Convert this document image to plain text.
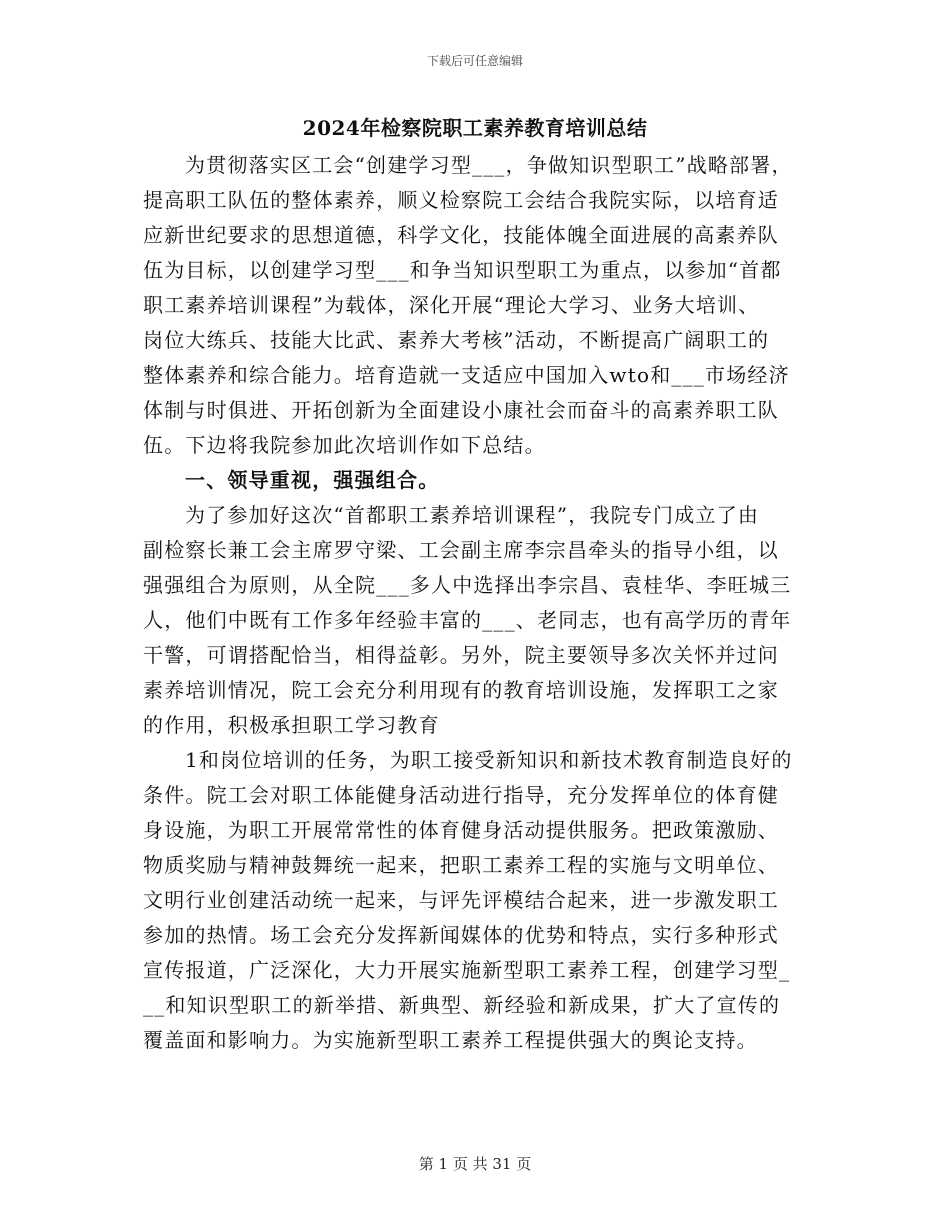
下载后可任意编辑
2024年检察院职工素养教育培训总结
为贯彻落实区工会“创建学习型___，争做知识型职工”战略部署，
提高职工队伍的整体素养，顺义检察院工会结合我院实际，以培育适
应新世纪要求的思想道德，科学文化，技能体魄全面进展的高素养队
伍为目标，以创建学习型___和争当知识型职工为重点，以参加“首都
职工素养培训课程”为载体，深化开展“理论大学习、业务大培训、
岗位大练兵、技能大比武、素养大考核”活动，不断提高广阔职工的
整体素养和综合能力。培育造就一支适应中国加入wto和___市场经济
体制与时俱进、开拓创新为全面建设小康社会而奋斗的高素养职工队
伍。下边将我院参加此次培训作如下总结。
一、领导重视，强强组合。
为了参加好这次“首都职工素养培训课程”，我院专门成立了由
副检察长兼工会主席罗守梁、工会副主席李宗昌牵头的指导小组，以
强强组合为原则，从全院___多人中选择出李宗昌、袁桂华、李旺城三
人，他们中既有工作多年经验丰富的___、老同志，也有高学历的青年
干警，可谓搭配恰当，相得益彰。另外，院主要领导多次关怀并过问
素养培训情况，院工会充分利用现有的教育培训设施，发挥职工之家
的作用，积极承担职工学习教育
1和岗位培训的任务，为职工接受新知识和新技术教育制造良好的
条件。院工会对职工体能健身活动进行指导，充分发挥单位的体育健
身设施，为职工开展常常性的体育健身活动提供服务。把政策激励、
物质奖励与精神鼓舞统一起来，把职工素养工程的实施与文明单位、
文明行业创建活动统一起来，与评先评模结合起来，进一步激发职工
参加的热情。场工会充分发挥新闻媒体的优势和特点，实行多种形式
宣传报道，广泛深化，大力开展实施新型职工素养工程，创建学习型_
__和知识型职工的新举措、新典型、新经验和新成果，扩大了宣传的
覆盖面和影响力。为实施新型职工素养工程提供强大的舆论支持。
第 1 页 共 31 页
